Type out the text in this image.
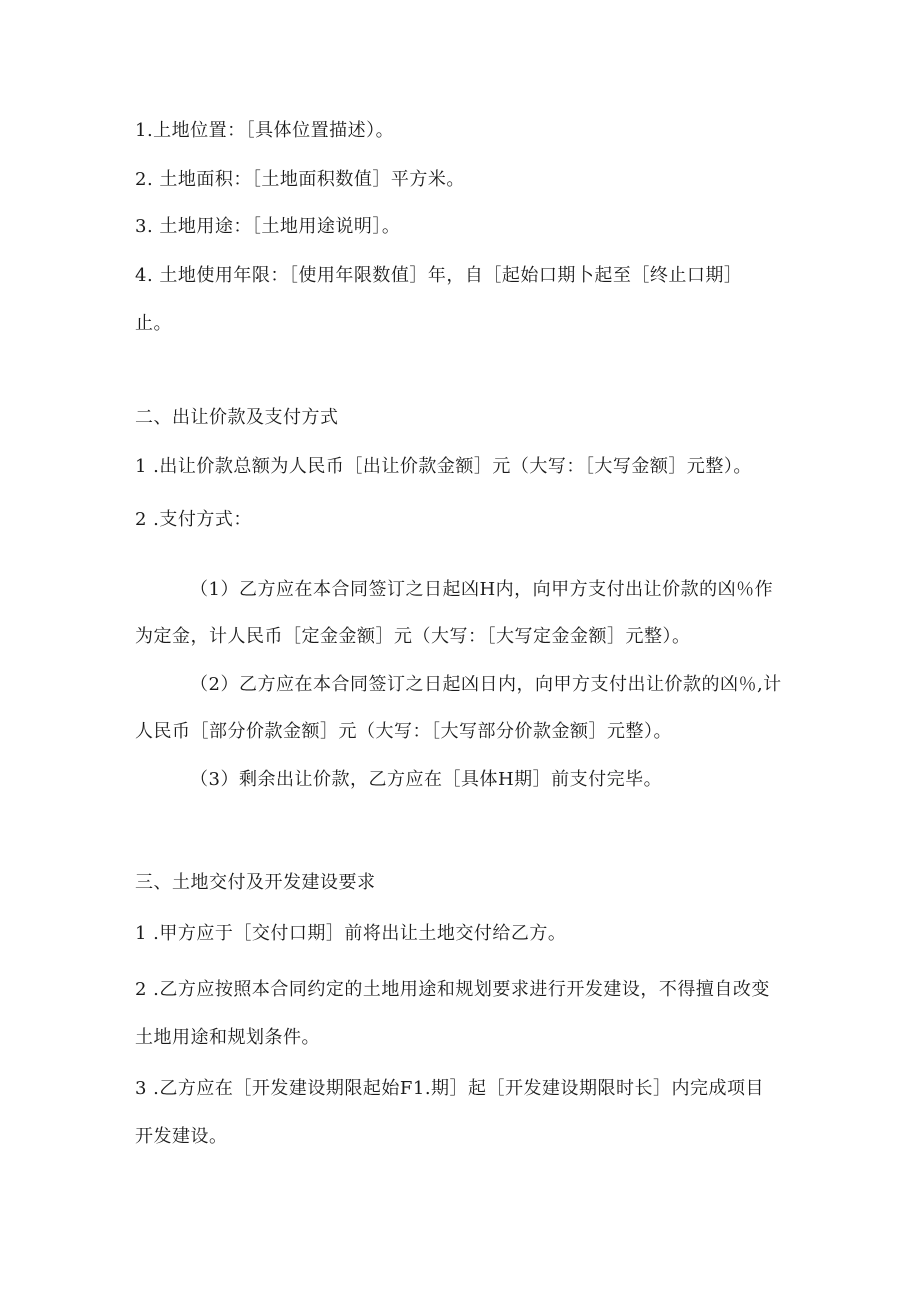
1.上地位置：［具体位置描述）。
2. 土地面积：［土地面积数值］平方米。
3. 土地用途：［土地用途说明］。
4. 土地使用年限：［使用年限数值］年，自［起始口期卜起至［终止口期］
止。
二、出让价款及支付方式
1 .出让价款总额为人民币［出让价款金额］元（大写：［大写金额］元整）。
2 .支付方式：
（1）乙方应在本合同签订之日起凶H内，向甲方支付出让价款的凶％作
为定金，计人民币［定金金额］元（大写：［大写定金金额］元整）。
（2）乙方应在本合同签订之日起凶日内，向甲方支付出让价款的凶％,计
人民币［部分价款金额］元（大写：［大写部分价款金额］元整）。
（3）剩余出让价款，乙方应在［具体H期］前支付完毕。
三、土地交付及开发建设要求
1 .甲方应于［交付口期］前将出让土地交付给乙方。
2 .乙方应按照本合同约定的土地用途和规划要求进行开发建设，不得擅自改变
土地用途和规划条件。
3 .乙方应在［开发建设期限起始F1.期］起［开发建设期限时长］内完成项目
开发建设。
